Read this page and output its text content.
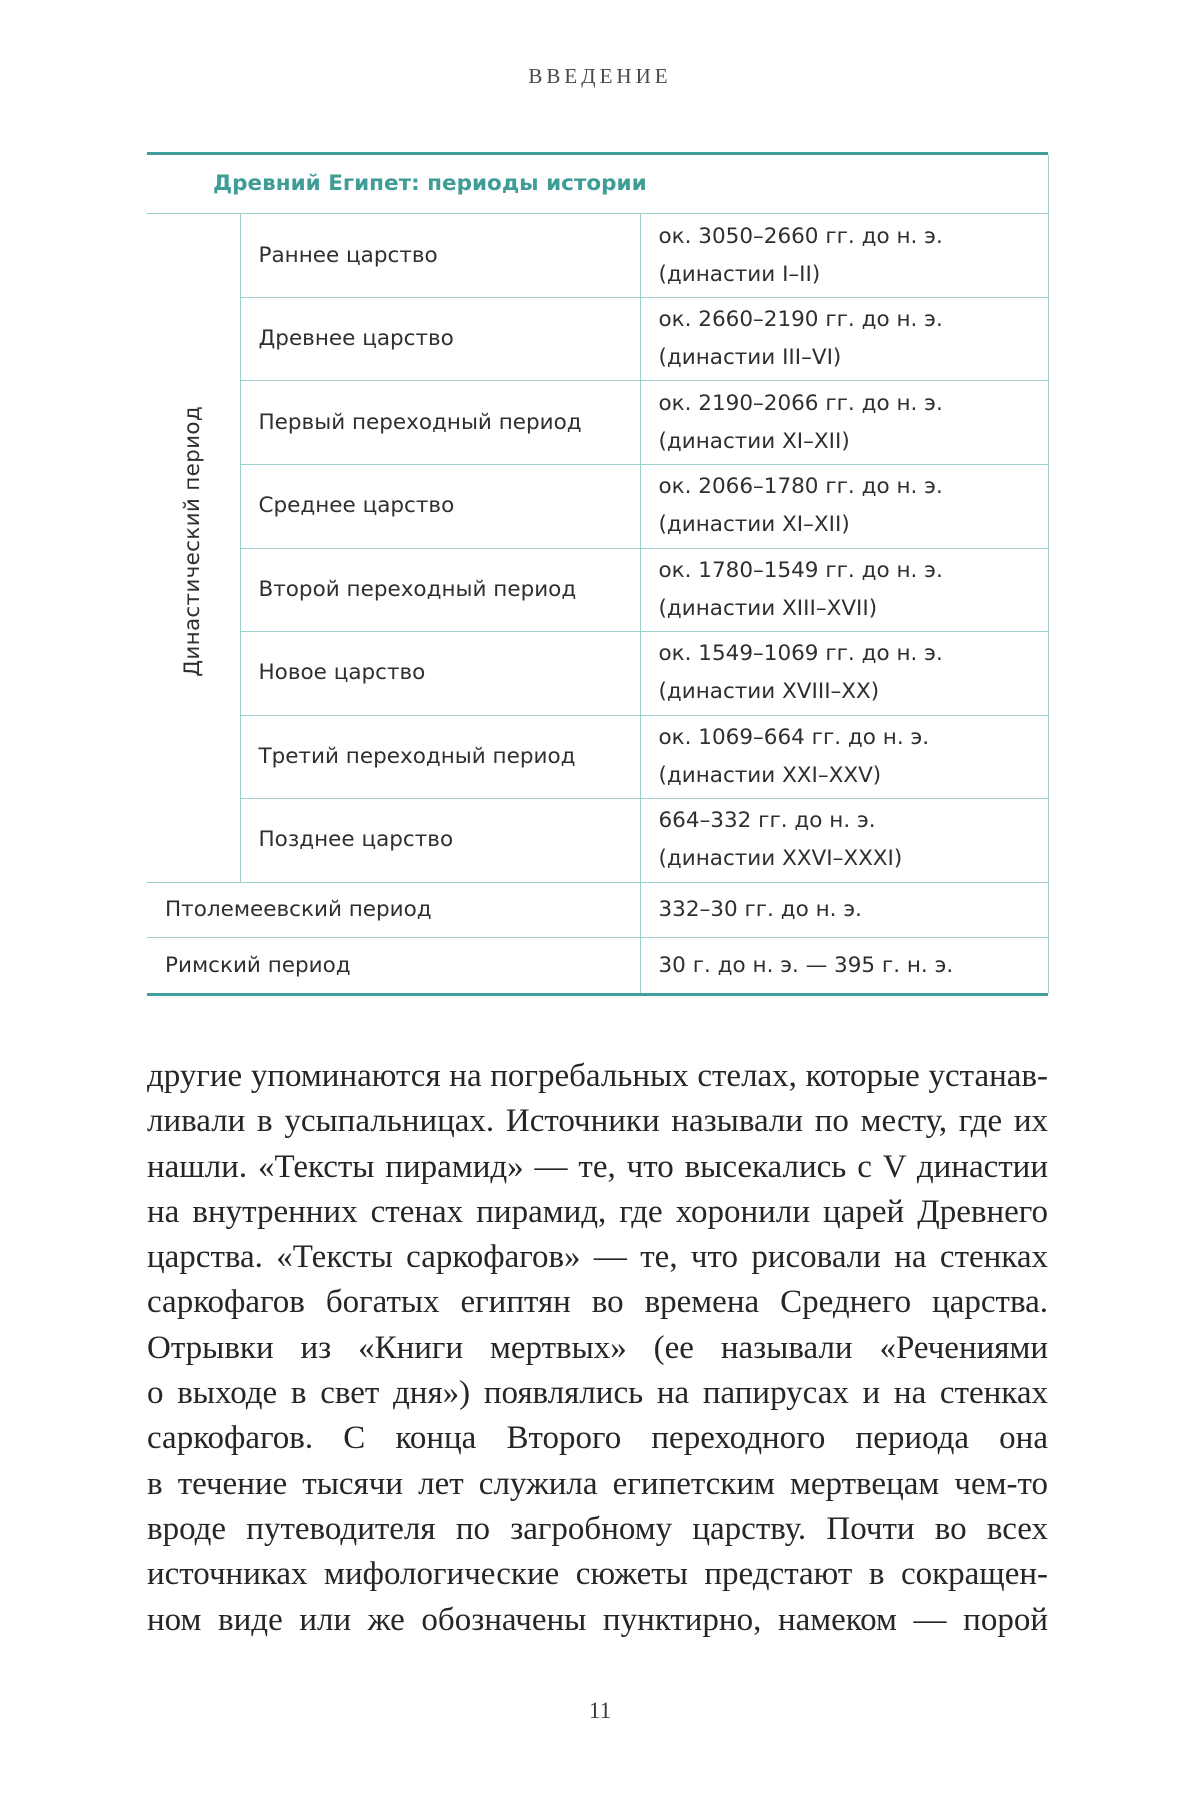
ВВЕДЕНИЕ
Древний Египет: периоды истории		
Династический период	Раннее царство	ок. 3050–2660 гг. до н. э.
(династии I–II)

	Древнее царство	ок. 2660–2190 гг. до н. э.
(династии III–VI)

	Первый переходный период	ок. 2190–2066 гг. до н. э.
(династии XI–XII)

	Среднее царство	ок. 2066–1780 гг. до н. э.
(династии XI–XII)

	Второй переходный период	ок. 1780–1549 гг. до н. э.
(династии XIII–XVII)

	Новое царство	ок. 1549–1069 гг. до н. э.
(династии XVIII–XX)

	Третий переходный период	ок. 1069–664 гг. до н. э.
(династии XXI–XXV)

	Позднее царство	664–332 гг. до н. э.
(династии XXVI–XXXI)

Птолемеевский период		332–30 гг. до н. э.
Римский период		30 г. до н. э. — 395 г. н. э.
другие упоминаются на погребальных стелах, которые устанав-
ливали в усыпальницах. Источники называли по месту, где их
нашли. «Тексты пирамид» — те, что высекались с V династии
на внутренних стенах пирамид, где хоронили царей Древнего
царства. «Тексты саркофагов» — те, что рисовали на стенках
саркофагов богатых египтян во времена Среднего царства.
Отрывки из «Книги мертвых» (ее называли «Речениями
о выходе в свет дня») появлялись на папирусах и на стенках
саркофагов. С конца Второго переходного периода она
в течение тысячи лет служила египетским мертвецам чем-то
вроде путеводителя по загробному царству. Почти во всех
источниках мифологические сюжеты предстают в сокращен-
ном виде или же обозначены пунктирно, намеком — порой
11
